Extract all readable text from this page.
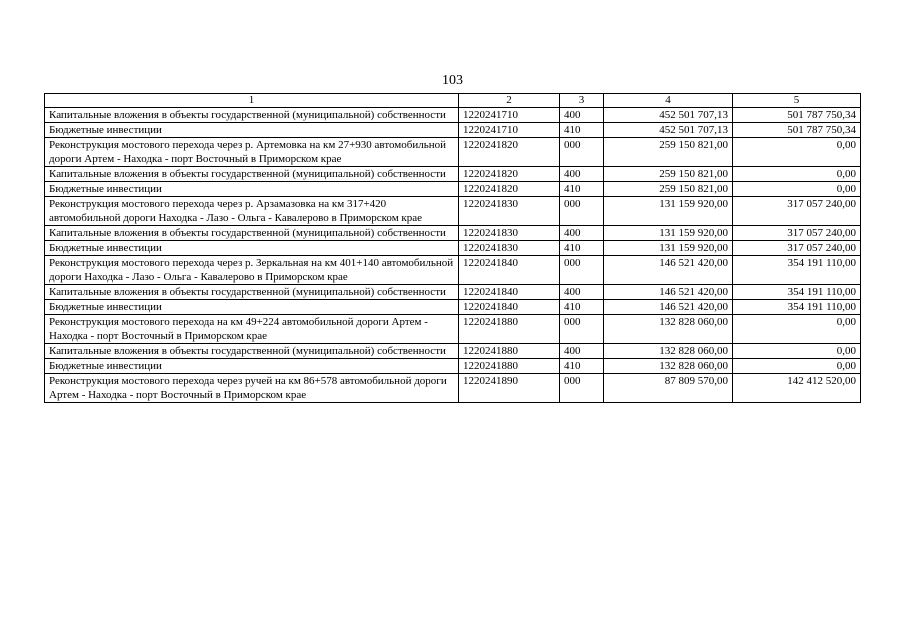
103
1	2	3	4	5
Капитальные вложения в объекты государственной (муниципальной) собственности	1220241710	400	452 501 707,13	501 787 750,34
Бюджетные инвестиции	1220241710	410	452 501 707,13	501 787 750,34
Реконструкция мостового перехода через р. Артемовка на км 27+930 автомобильной дороги Артем - Находка - порт Восточный в Приморском крае	1220241820	000	259 150 821,00	0,00
Капитальные вложения в объекты государственной (муниципальной) собственности	1220241820	400	259 150 821,00	0,00
Бюджетные инвестиции	1220241820	410	259 150 821,00	0,00
Реконструкция мостового перехода через р. Арзамазовка на км 317+420 автомобильной дороги Находка - Лазо - Ольга - Кавалерово в Приморском крае	1220241830	000	131 159 920,00	317 057 240,00
Капитальные вложения в объекты государственной (муниципальной) собственности	1220241830	400	131 159 920,00	317 057 240,00
Бюджетные инвестиции	1220241830	410	131 159 920,00	317 057 240,00
Реконструкция мостового перехода через р. Зеркальная на км 401+140 автомобильной дороги Находка - Лазо - Ольга - Кавалерово в Приморском крае	1220241840	000	146 521 420,00	354 191 110,00
Капитальные вложения в объекты государственной (муниципальной) собственности	1220241840	400	146 521 420,00	354 191 110,00
Бюджетные инвестиции	1220241840	410	146 521 420,00	354 191 110,00
Реконструкция мостового перехода на км 49+224 автомобильной дороги Артем - Находка - порт Восточный в Приморском крае	1220241880	000	132 828 060,00	0,00
Капитальные вложения в объекты государственной (муниципальной) собственности	1220241880	400	132 828 060,00	0,00
Бюджетные инвестиции	1220241880	410	132 828 060,00	0,00
Реконструкция мостового перехода через ручей на км 86+578 автомобильной дороги Артем - Находка - порт Восточный в Приморском крае	1220241890	000	87 809 570,00	142 412 520,00
